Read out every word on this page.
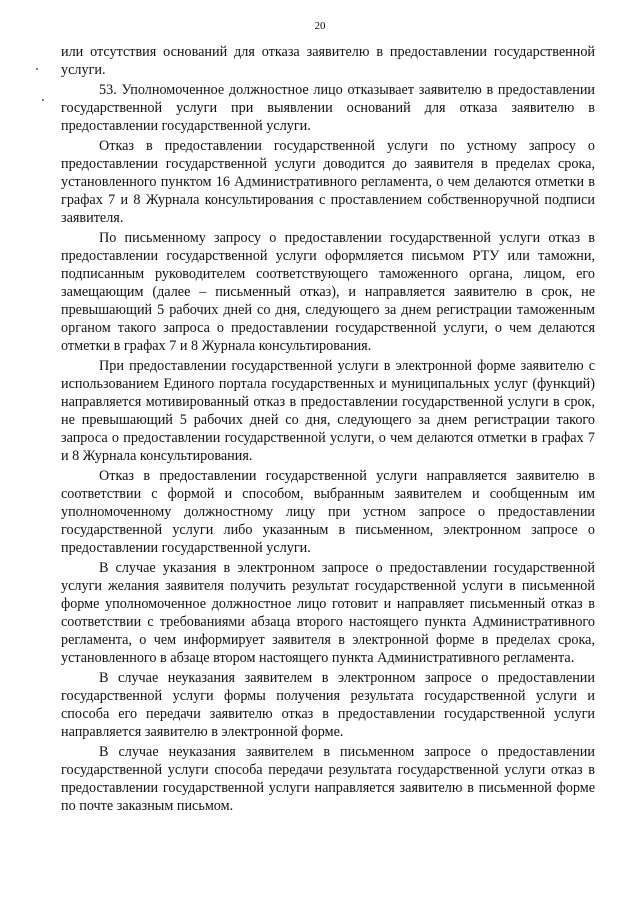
20

или отсутствия оснований для отказа заявителю в предоставлении государственной услуги.

53. Уполномоченное должностное лицо отказывает заявителю в предоставлении государственной услуги при выявлении оснований для отказа заявителю в предоставлении государственной услуги.

Отказ в предоставлении государственной услуги по устному запросу о предоставлении государственной услуги доводится до заявителя в пределах срока, установленного пунктом 16 Административного регламента, о чем делаются отметки в графах 7 и 8 Журнала консультирования с проставлением собственноручной подписи заявителя.

По письменному запросу о предоставлении государственной услуги отказ в предоставлении государственной услуги оформляется письмом РТУ или таможни, подписанным руководителем соответствующего таможенного органа, лицом, его замещающим (далее – письменный отказ), и направляется заявителю в срок, не превышающий 5 рабочих дней со дня, следующего за днем регистрации таможенным органом такого запроса о предоставлении государственной услуги, о чем делаются отметки в графах 7 и 8 Журнала консультирования.

При предоставлении государственной услуги в электронной форме заявителю с использованием Единого портала государственных и муниципальных услуг (функций) направляется мотивированный отказ в предоставлении государственной услуги в срок, не превышающий 5 рабочих дней со дня, следующего за днем регистрации такого запроса о предоставлении государственной услуги, о чем делаются отметки в графах 7 и 8 Журнала консультирования.

Отказ в предоставлении государственной услуги направляется заявителю в соответствии с формой и способом, выбранным заявителем и сообщенным им уполномоченному должностному лицу при устном запросе о предоставлении государственной услуги либо указанным в письменном, электронном запросе о предоставлении государственной услуги.

В случае указания в электронном запросе о предоставлении государственной услуги желания заявителя получить результат государственной услуги в письменной форме уполномоченное должностное лицо готовит и направляет письменный отказ в соответствии с требованиями абзаца второго настоящего пункта Административного регламента, о чем информирует заявителя в электронной форме в пределах срока, установленного в абзаце втором настоящего пункта Административного регламента.

В случае неуказания заявителем в электронном запросе о предоставлении государственной услуги формы получения результата государственной услуги и способа его передачи заявителю отказ в предоставлении государственной услуги направляется заявителю в электронной форме.

В случае неуказания заявителем в письменном запросе о предоставлении государственной услуги способа передачи результата государственной услуги отказ в предоставлении государственной услуги направляется заявителю в письменной форме по почте заказным письмом.
